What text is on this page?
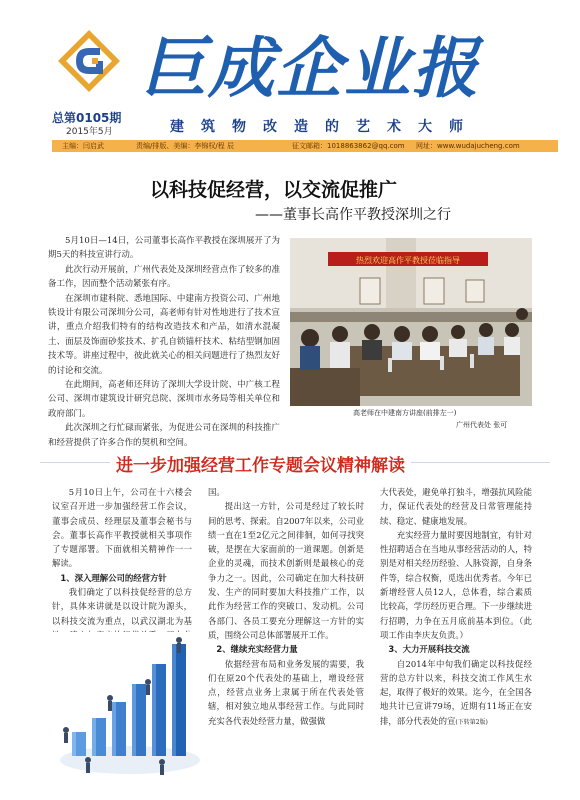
巨成企业报
总第0105期
2015年5月	建筑物改造的艺术大师
主编：闫启武	责编/排版、美编：李锦权/程 辰	征文邮箱：1018863862@qq.com 网址：www.wudajucheng.com
以科技促经营，以交流促推广
——董事长高作平教授深圳之行

5月10日—14日，公司董事长高作平教授在深圳展开了为期5天的科技宣讲行动。

此次行动开展前，广州代表处及深圳经营点作了较多的准备工作，因而整个活动紧张有序。

在深圳市建科院、悉地国际、中建南方投资公司、广州地铁设计有限公司深圳分公司，高老师有针对性地进行了技术宣讲，重点介绍我们特有的结构改造技术和产品，如清水混凝土、面层及饰面砂浆技术、扩孔自锁锚杆技术、粘结型钢加固技术等。讲座过程中，彼此就关心的相关问题进行了热烈友好的讨论和交流。

在此期间，高老师还拜访了深圳大学设计院、中广核工程公司、深圳市建筑设计研究总院、深圳市水务局等相关单位和政府部门。

此次深圳之行忙碌而紧张，为促进公司在深圳的科技推广和经营提供了许多合作的契机和空间。

热烈欢迎高作平教授莅临指导
高老师在中建南方讲座(前排左一)
广州代表处 张可
进一步加强经营工作专题会议精神解读

5月10日上午，公司在十六楼会议室召开进一步加强经营工作会议，董事会成员、经理层及董事会秘书与会。董事长高作平教授就相关事项作了专题部署。下面就相关精神作一一解读。

1、深入理解公司的经营方针

我们确定了以科技促经营的总方针，具体来讲就是以设计院为源头，以科技交流为重点，以武汉湖北为基

国。

提出这一方针，公司是经过了较长时间的思考、探索。自2007年以来，公司业绩一直在1至2亿元之间徘徊，如何寻找突破，是摆在大家面前的一道课题。创新是企业的灵魂，而技术创新则是最核心的竞争力之一。因此，公司确定在加大科技研发、生产的同时要加大科技推广工作，以此作为经营工作的突破口、发动机。公司各部门、各员工要充分理解这一方针的实质，围绕公司总体部署展开工作。

2、继续充实经营力量

依据经营布局和业务发展的需要，我们在原20个代表处的基础上，增设经营点，经营点业务上隶属于所在代表处管辖，相对独立地从事经营工作。与此同时充实各代表处经营力量，做强做

大代表处，避免单打独斗，增强抗风险能力，保证代表处的经营及日常管理能持续、稳定、健康地发展。

充实经营力量时要因地制宜，有针对性招聘适合在当地从事经营活动的人，特别是对相关经历经验、人脉资源，自身条件等，综合权衡，觅选出优秀者。今年已新增经营人员12人，总体看，综合素质比较高，学历经历更合理。下一步继续进行招聘，力争在五月底前基本到位。（此项工作由李庆友负责。）

3、大力开展科技交流

自2014年中旬我们确定以科技促经营的总方针以来，科技交流工作风生水起，取得了极好的效果。迄今，在全国各地共计已宣讲79场，近期有11场正在安排，部分代表处的宣(下转第2版)
